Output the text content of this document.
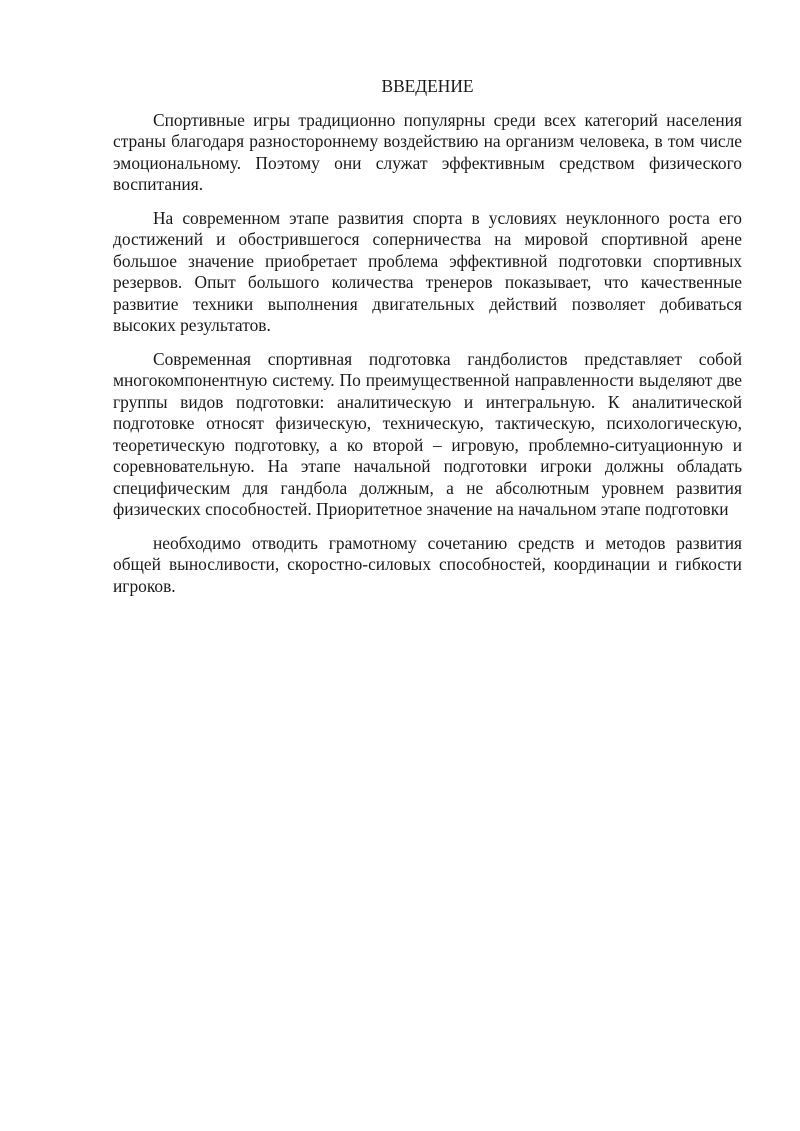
ВВЕДЕНИЕ

Спортивные игры традиционно популярны среди всех категорий населения страны благодаря разностороннему воздействию на организм человека, в том числе эмоциональному. Поэтому они служат эффективным средством физического воспитания.

На современном этапе развития спорта в условиях неуклонного роста его достижений и обострившегося соперничества на мировой спортивной арене большое значение приобретает проблема эффективной подготовки спортивных резервов. Опыт большого количества тренеров показывает, что качественные развитие техники выполнения двигательных действий позволяет добиваться высоких результатов.

Современная спортивная подготовка гандболистов представляет собой многокомпонентную систему. По преимущественной направленности выделяют две группы видов подготовки: аналитическую и интегральную. К аналитической подготовке относят физическую, техническую, тактическую, психологическую, теоретическую подготовку, а ко второй – игровую, проблемно-ситуационную и соревновательную. На этапе начальной подготовки игроки должны обладать специфическим для гандбола должным, а не абсолютным уровнем развития физических способностей. Приоритетное значение на начальном этапе подготовки

необходимо отводить грамотному сочетанию средств и методов развития общей выносливости, скоростно-силовых способностей, координации и гибкости игроков.
